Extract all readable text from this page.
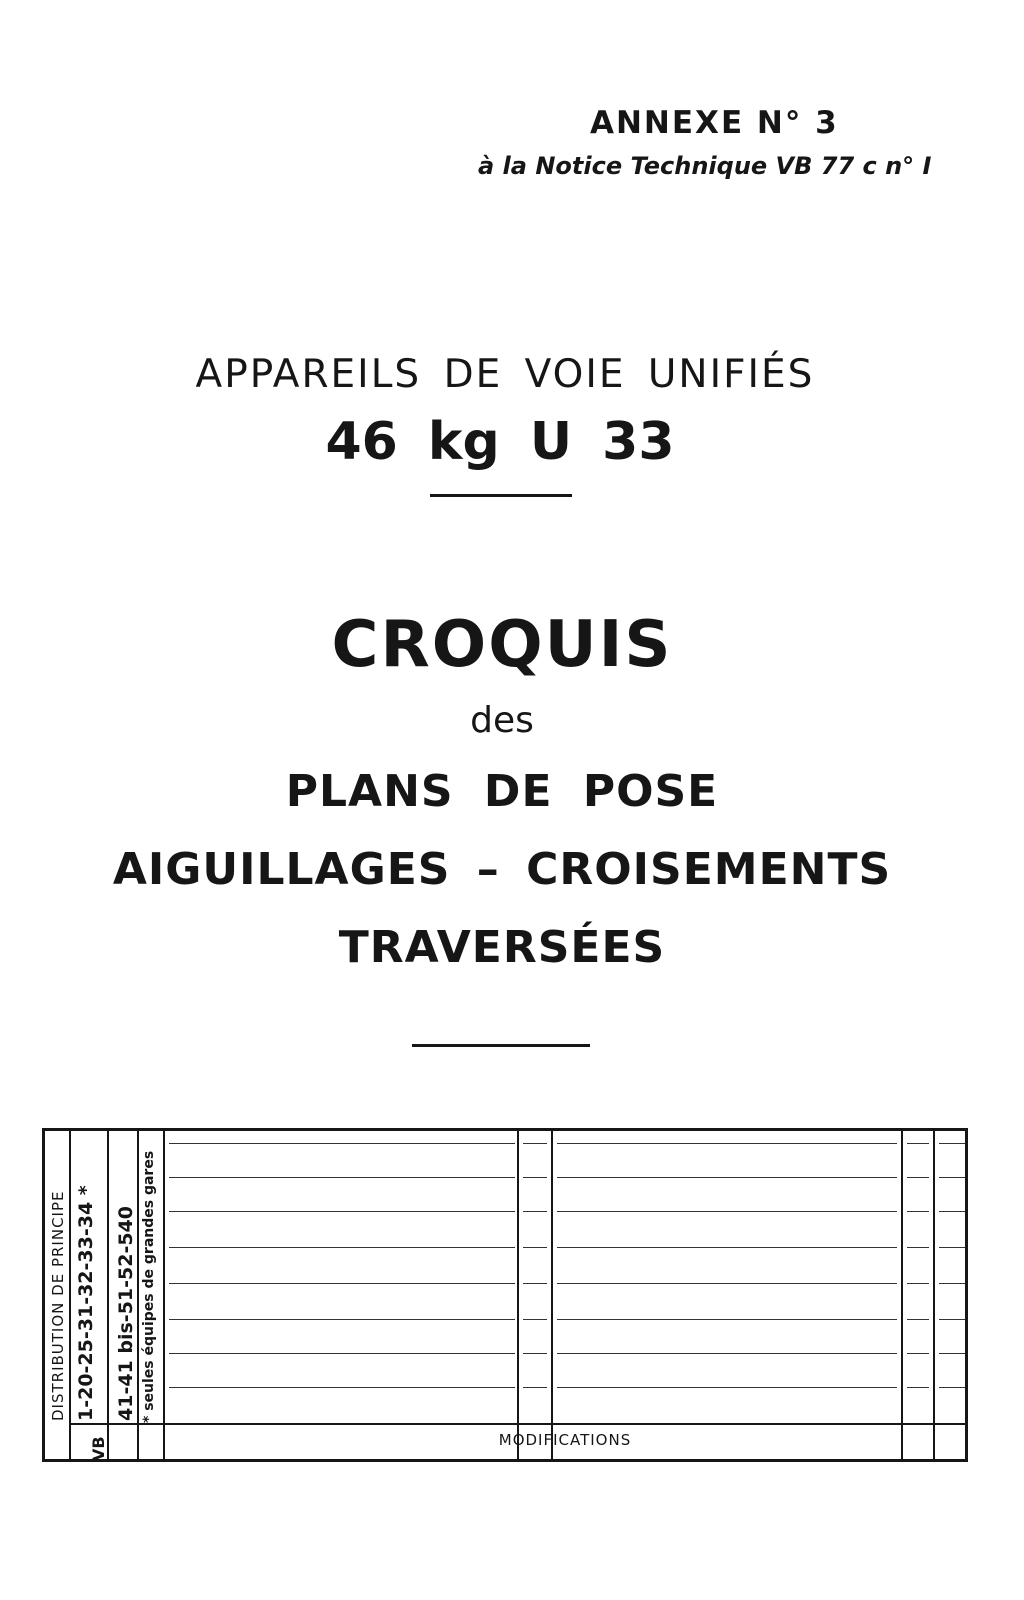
ANNEXE N° 3
à la Notice Technique VB 77 c n° I
APPAREILS DE VOIE UNIFIÉS
46 kg U 33
CROQUIS
des
PLANS DE POSE
AIGUILLAGES – CROISEMENTS
TRAVERSÉES
DISTRIBUTION DE PRINCIPE 1-20-25-31-32-33-34 *
VB
41-41 bis-51-52-540 * seules équipes de grandes gares
MODIFICATIONS
